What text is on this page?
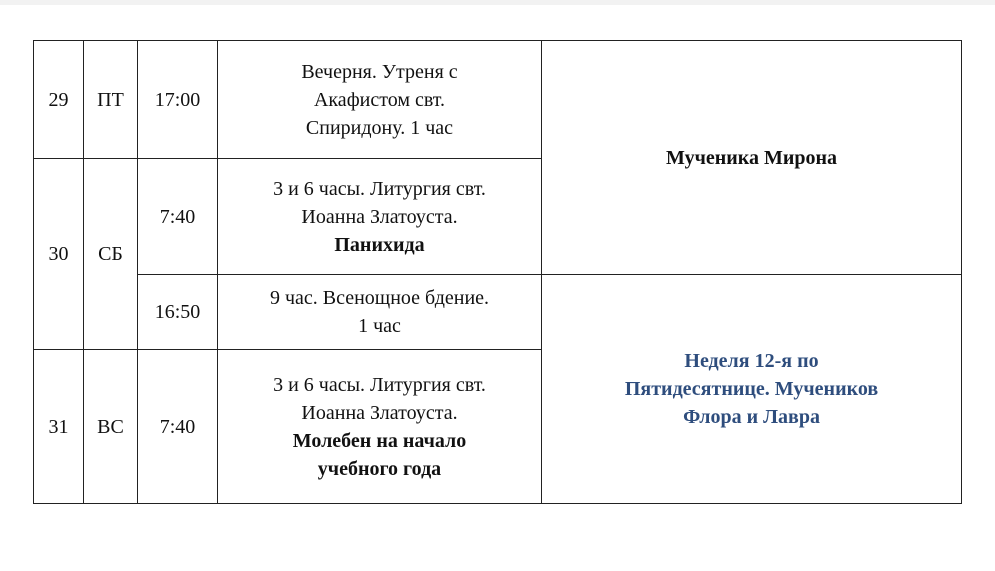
29	ПТ	17:00	Вечерня. Утреня с
Акафистом свт.
Спиридону. 1 час	Мученика Мирона

30	СБ	7:40	3 и 6 часы. Литургия свт.
Иоанна Златоуста.
Панихида	

		16:50	9 час. Всенощное бдение.
1 час	Неделя 12-я по
Пятидесятнице. Мучеников
Флора и Лавра

31	ВС	7:40	3 и 6 часы. Литургия свт.
Иоанна Златоуста.
Молебен на начало
учебного года	
